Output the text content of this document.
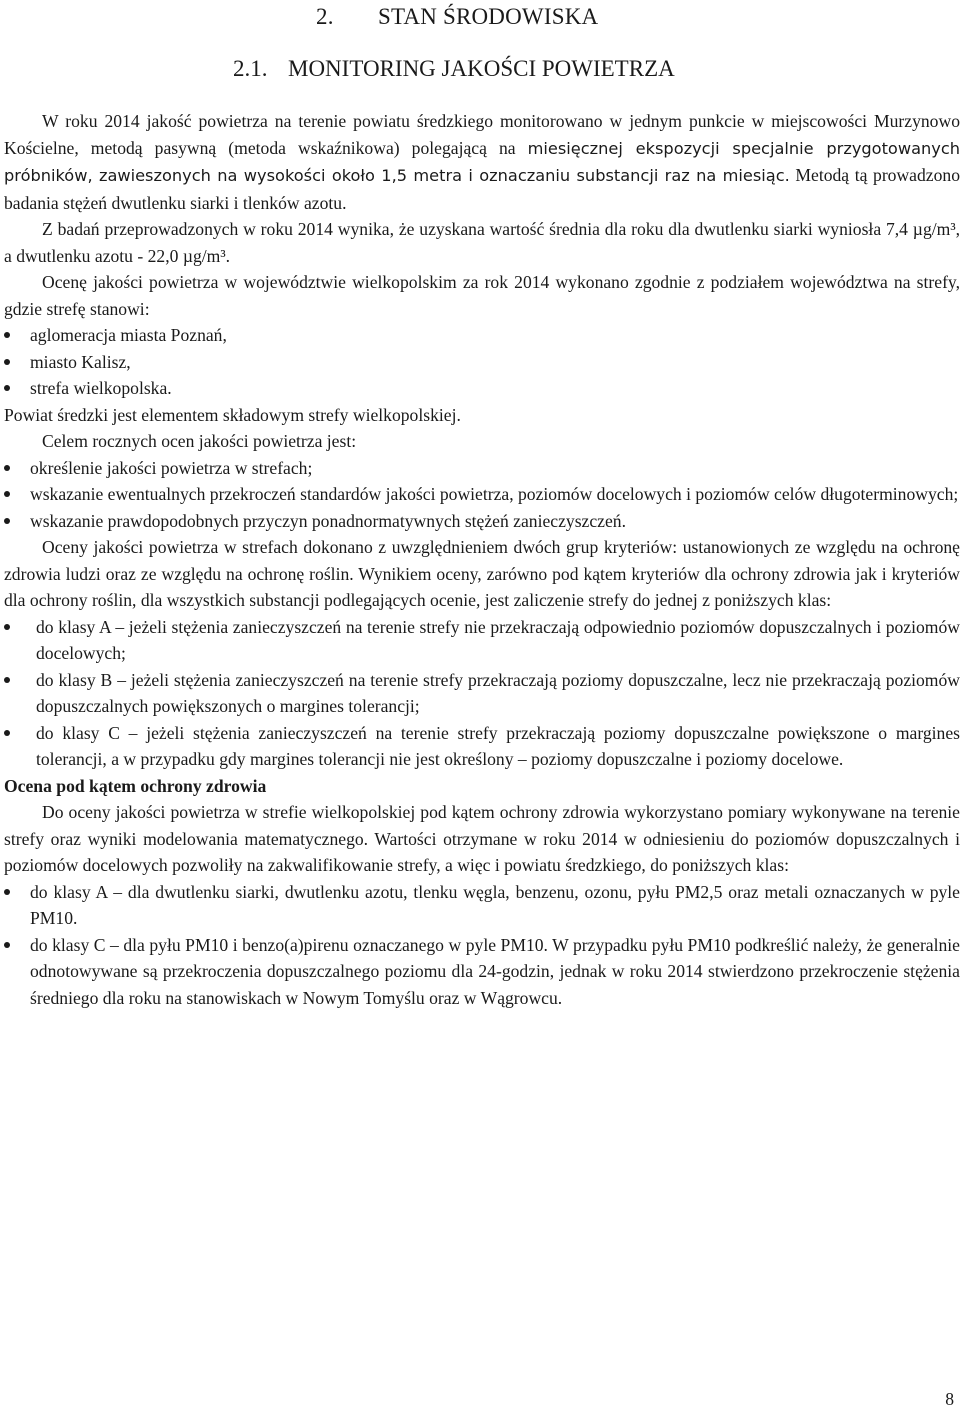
2. STAN ŚRODOWISKA
2.1. MONITORING JAKOŚCI POWIETRZA

W roku 2014 jakość powietrza na terenie powiatu średzkiego monitorowano w jednym punkcie w miejscowości Murzynowo Kościelne, metodą pasywną (metoda wskaźnikowa) polegającą na miesięcznej ekspozycji specjalnie przygotowanych próbników, zawieszonych na wysokości około 1,5 metra i oznaczaniu substancji raz na miesiąc. Metodą tą prowadzono badania stężeń dwutlenku siarki i tlenków azotu.

Z badań przeprowadzonych w roku 2014 wynika, że uzyskana wartość średnia dla roku dla dwutlenku siarki wyniosła 7,4 µg/m³, a dwutlenku azotu - 22,0 µg/m³.

Ocenę jakości powietrza w województwie wielkopolskim za rok 2014 wykonano zgodnie z podziałem województwa na strefy, gdzie strefę stanowi:

aglomeracja miasta Poznań,
miasto Kalisz,
strefa wielkopolska.

Powiat średzki jest elementem składowym strefy wielkopolskiej.

Celem rocznych ocen jakości powietrza jest:

określenie jakości powietrza w strefach;
wskazanie ewentualnych przekroczeń standardów jakości powietrza, poziomów docelowych i poziomów celów długoterminowych;
wskazanie prawdopodobnych przyczyn ponadnormatywnych stężeń zanieczyszczeń.

Oceny jakości powietrza w strefach dokonano z uwzględnieniem dwóch grup kryteriów: ustanowionych ze względu na ochronę zdrowia ludzi oraz ze względu na ochronę roślin. Wynikiem oceny, zarówno pod kątem kryteriów dla ochrony zdrowia jak i kryteriów dla ochrony roślin, dla wszystkich substancji podlegających ocenie, jest zaliczenie strefy do jednej z poniższych klas:

do klasy A – jeżeli stężenia zanieczyszczeń na terenie strefy nie przekraczają odpowiednio poziomów dopuszczalnych i poziomów docelowych;
do klasy B – jeżeli stężenia zanieczyszczeń na terenie strefy przekraczają poziomy dopuszczalne, lecz nie przekraczają poziomów dopuszczalnych powiększonych o margines tolerancji;
do klasy C – jeżeli stężenia zanieczyszczeń na terenie strefy przekraczają poziomy dopuszczalne powiększone o margines tolerancji, a w przypadku gdy margines tolerancji nie jest określony – poziomy dopuszczalne i poziomy docelowe.

Ocena pod kątem ochrony zdrowia

Do oceny jakości powietrza w strefie wielkopolskiej pod kątem ochrony zdrowia wykorzystano pomiary wykonywane na terenie strefy oraz wyniki modelowania matematycznego. Wartości otrzymane w roku 2014 w odniesieniu do poziomów dopuszczalnych i poziomów docelowych pozwoliły na zakwalifikowanie strefy, a więc i powiatu średzkiego, do poniższych klas:

do klasy A – dla dwutlenku siarki, dwutlenku azotu, tlenku węgla, benzenu, ozonu, pyłu PM2,5 oraz metali oznaczanych w pyle PM10.
do klasy C – dla pyłu PM10 i benzo(a)pirenu oznaczanego w pyle PM10. W przypadku pyłu PM10 podkreślić należy, że generalnie odnotowywane są przekroczenia dopuszczalnego poziomu dla 24-godzin, jednak w roku 2014 stwierdzono przekroczenie stężenia średniego dla roku na stanowiskach w Nowym Tomyślu oraz w Wągrowcu.
8
